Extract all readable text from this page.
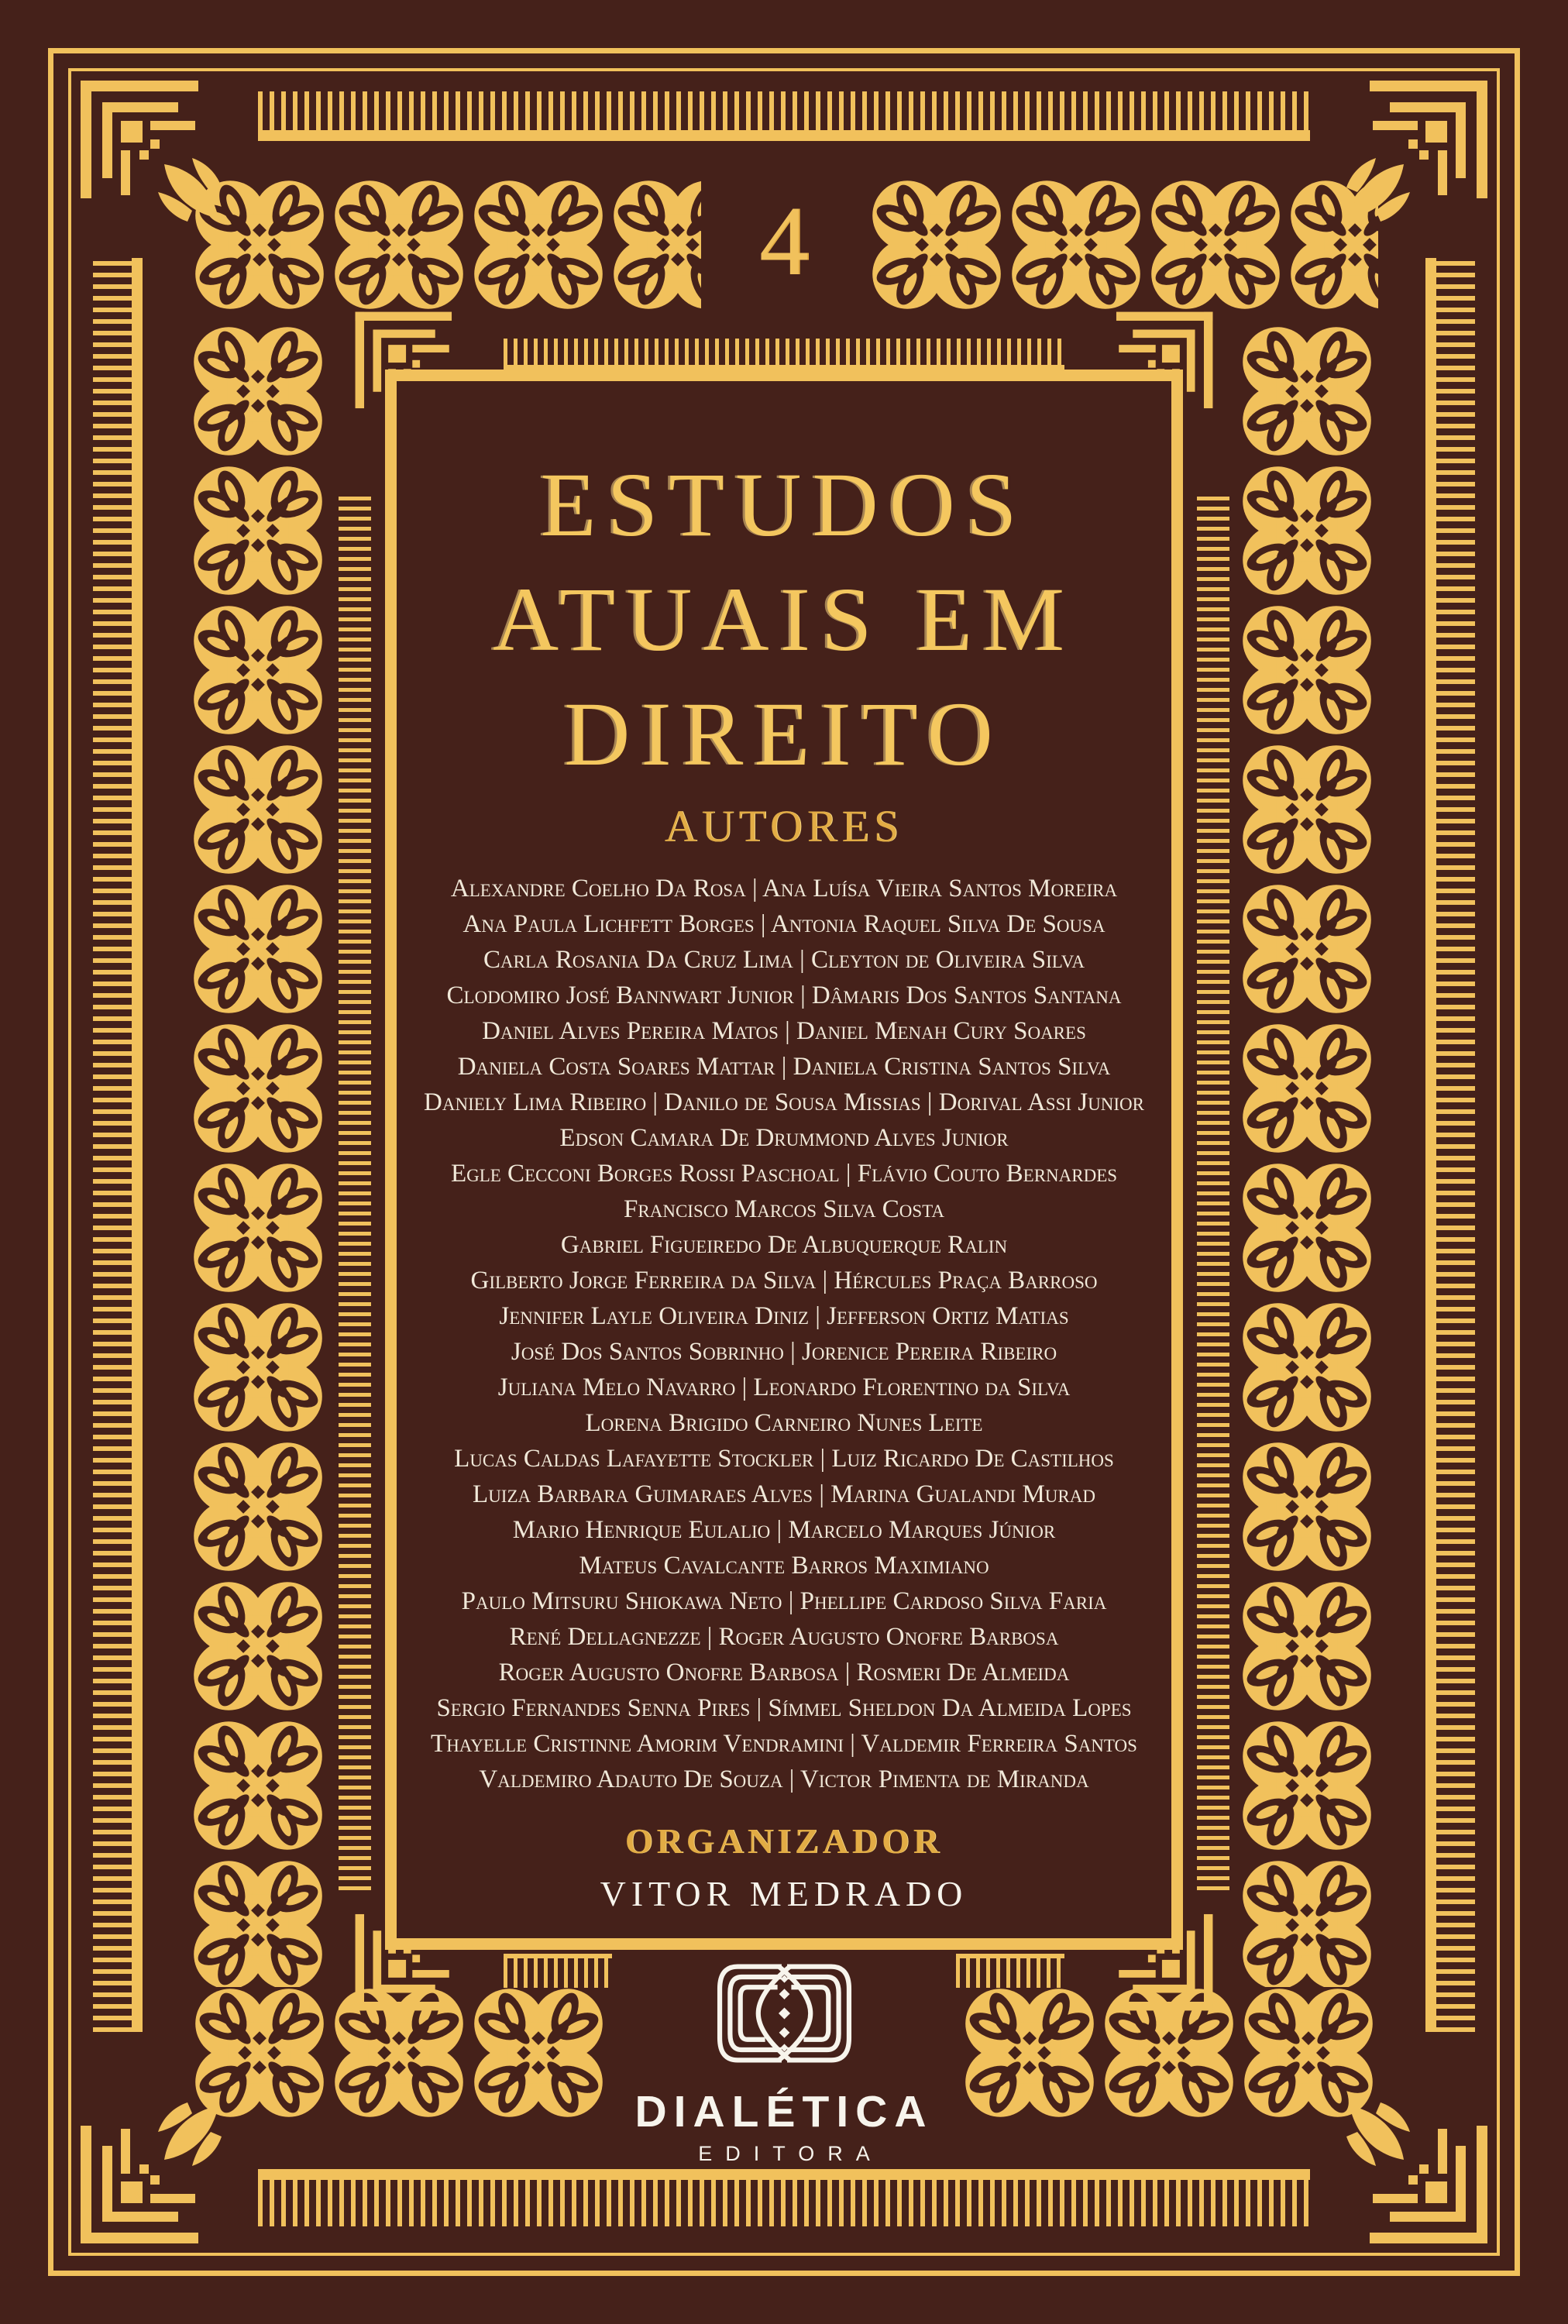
4
ESTUDOS
ATUAIS EM
DIREITO
AUTORES
Alexandre Coelho Da Rosa | Ana Luísa Vieira Santos Moreira
Ana Paula Lichfett Borges | Antonia Raquel Silva De Sousa
Carla Rosania Da Cruz Lima | Cleyton de Oliveira Silva
Clodomiro José Bannwart Junior | Dâmaris Dos Santos Santana
Daniel Alves Pereira Matos | Daniel Menah Cury Soares
Daniela Costa Soares Mattar | Daniela Cristina Santos Silva
Daniely Lima Ribeiro | Danilo de Sousa Missias | Dorival Assi Junior
Edson Camara De Drummond Alves Junior
Egle Cecconi Borges Rossi Paschoal | Flávio Couto Bernardes
Francisco Marcos Silva Costa
Gabriel Figueiredo De Albuquerque Ralin
Gilberto Jorge Ferreira da Silva | Hércules Praça Barroso
Jennifer Layle Oliveira Diniz | Jefferson Ortiz Matias
José Dos Santos Sobrinho | Jorenice Pereira Ribeiro
Juliana Melo Navarro | Leonardo Florentino da Silva
Lorena Brigido Carneiro Nunes Leite
Lucas Caldas Lafayette Stockler | Luiz Ricardo De Castilhos
Luiza Barbara Guimaraes Alves | Marina Gualandi Murad
Mario Henrique Eulalio | Marcelo Marques Júnior
Mateus Cavalcante Barros Maximiano
Paulo Mitsuru Shiokawa Neto | Phellipe Cardoso Silva Faria
René Dellagnezze | Roger Augusto Onofre Barbosa
Roger Augusto Onofre Barbosa | Rosmeri De Almeida
Sergio Fernandes Senna Pires | Símmel Sheldon Da Almeida Lopes
Thayelle Cristinne Amorim Vendramini | Valdemir Ferreira Santos
Valdemiro Adauto De Souza | Victor Pimenta de Miranda
ORGANIZADOR
VITOR MEDRADO
DIALÉTICA
EDITORA
